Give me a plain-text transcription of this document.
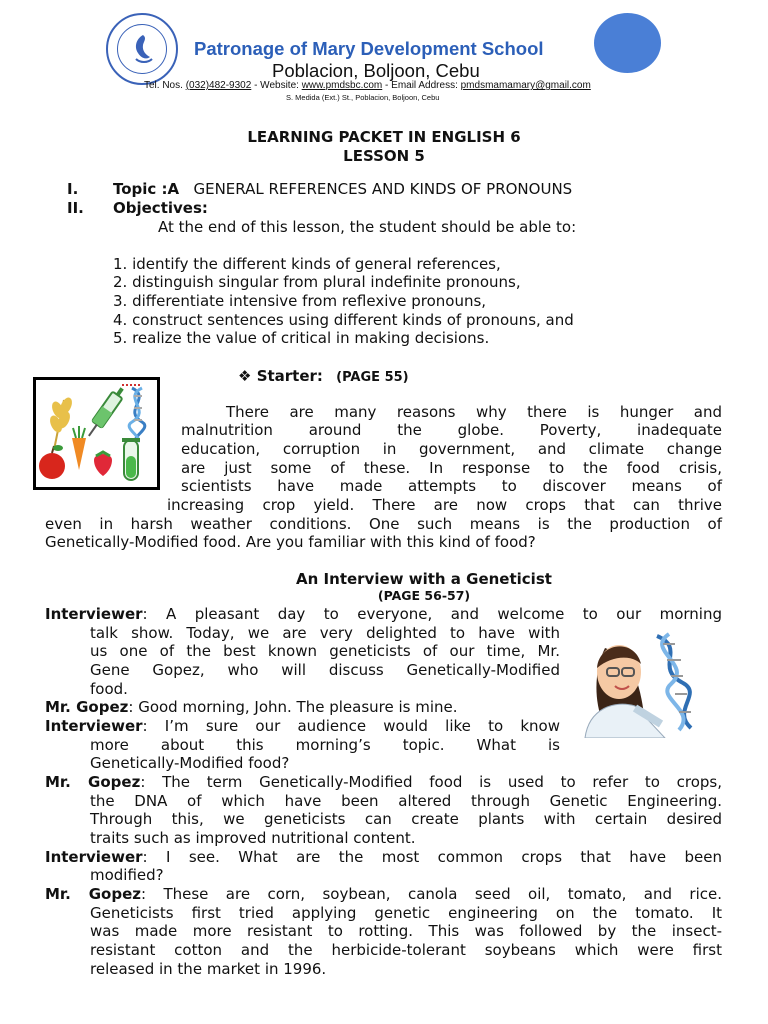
Patronage of Mary Development School
Poblacion, Boljoon, Cebu
Tel. Nos. (032)482-9302 - Website: www.pmdsbc.com - Email Address: pmdsmamamary@gmail.com
S. Medida (Ext.) St., Poblacion, Boljoon, Cebu
LEARNING PACKET IN ENGLISH 6
LESSON 5
I. Topic :A GENERAL REFERENCES AND KINDS OF PRONOUNS
II. Objectives:
At the end of this lesson, the student should be able to:
1. identify the different kinds of general references,
2. distinguish singular from plural indefinite pronouns,
3. differentiate intensive from reflexive pronouns,
4. construct sentences using different kinds of pronouns, and
5. realize the value of critical in making decisions.
❖ Starter: (PAGE 55)
There are many reasons why there is hunger and
malnutrition around the globe. Poverty, inadequate
education, corruption in government, and climate change
are just some of these. In response to the food crisis,
scientists have made attempts to discover means of
increasing crop yield. There are now crops that can thrive
even in harsh weather conditions. One such means is the production of
Genetically-Modified food. Are you familiar with this kind of food?
An Interview with a Geneticist
(PAGE 56-57)
Interviewer: A pleasant day to everyone, and welcome to our morning
talk show. Today, we are very delighted to have with
us one of the best known geneticists of our time, Mr.
Gene Gopez, who will discuss Genetically-Modified
food.
Mr. Gopez: Good morning, John. The pleasure is mine.
Interviewer: I’m sure our audience would like to know
more about this morning’s topic. What is
Genetically-Modified food?
Mr. Gopez: The term Genetically-Modified food is used to refer to crops,
the DNA of which have been altered through Genetic Engineering.
Through this, we geneticists can create plants with certain desired
traits such as improved nutritional content.
Interviewer: I see. What are the most common crops that have been
modified?
Mr. Gopez: These are corn, soybean, canola seed oil, tomato, and rice.
Geneticists first tried applying genetic engineering on the tomato. It
was made more resistant to rotting. This was followed by the insect-
resistant cotton and the herbicide-tolerant soybeans which were first
released in the market in 1996.
